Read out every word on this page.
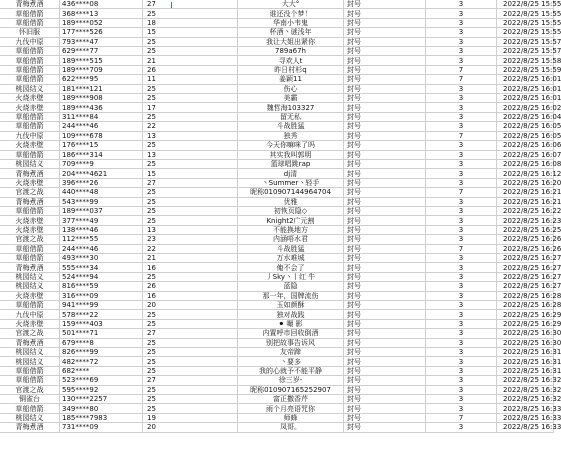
青梅煮酒	436****08	27	大大°	封号	3	2022/8/25 15:55
草船借箭	368****13	25	谁还没个梦！	封号	3	2022/8/25 15:55
草船借箭	189****052	18	华南小韦鬼	封号	3	2022/8/25 15:55
怀旧服	177****526	15	杯酒丶谜浅年	封号	3	2022/8/25 15:55
九伐中原	793****47	25	我让大姐出紧你	封号	3	2022/8/25 15:57
草船借箭	629****77	25	789a67h	封号	3	2022/8/25 15:57
草船借箭	189****515	21	寻欢人t	封号	3	2022/8/25 15:58
草船借箭	189****709	26	昨日村杉q	封号	7	2022/8/25 15:59
草船借箭	622****95	11	姜颖11	封号	7	2022/8/25 16:01
桃园结义	181****121	25	伤心	封号	3	2022/8/25 16:01
火烧赤壁	189****908	25	美霸	封号	3	2022/8/25 16:01
火烧赤壁	189****436	17	魏哲海103327	封号	3	2022/8/25 16:02
草船借箭	311****84	25	留无私	封号	3	2022/8/25 16:04
草船借箭	244****46	22	斗战胜猛	封号	3	2022/8/25 16:05
九伐中原	109****678	13	独秀	封号	7	2022/8/25 16:05
火烧赤壁	176****15	25	今天你嘛咪了吗	封号	3	2022/8/25 16:06
草船借箭	186****314	13	其实我叫郭明	封号	3	2022/8/25 16:07
桃园结义	709****9	25	篮球唱跳rap	封号	3	2022/8/25 16:08
青梅煮酒	204****4621	15	dj清	封号	3	2022/8/25 16:12
火烧赤壁	396****26	27	丶Summer丶轻手	封号	3	2022/8/25 16:20
官渡之战	440****48	25	昵称010907144964704	封号	7	2022/8/25 16:21
青梅煮酒	543****99	25	优雅	封号	3	2022/8/25 16:21
草船借箭	189****037	25	初恢页隐◇	封号	3	2022/8/25 16:22
火烧赤壁	377****49	25	Knight2广元割	封号	3	2022/8/25 16:23
火烧赤壁	138****46	13	不能换地方	封号	3	2022/8/25 16:25
官渡之战	112****55	23	内涵唔水君	封号	3	2022/8/25 16:26
草船借箭	244****46	22	斗战胜猛	封号	7	2022/8/25 16:26
草船借箭	493****30	21	万水难城	封号	3	2022/8/25 16:27
青梅煮酒	555****34	16	俺不会了	封号	3	2022/8/25 16:27
桃园结义	524****94	25	丿Sky丶丨红 牛	封号	3	2022/8/25 16:27
桃园结义	816****59	26	蓝隐	封号	3	2022/8/25 16:27
火烧赤壁	316****09	16	那一年，国牌流伤	封号	3	2022/8/25 16:28
草船借箭	941****99	20	玉如颜酥	封号	3	2022/8/25 16:28
九伐中原	578****22	25	独对战践	封号	3	2022/8/25 16:29
火烧赤壁	159****403	25	⚫ 嘬 影	封号	3	2022/8/25 16:29
官渡之战	501****71	27	内置呼市回收倒酒	封号	3	2022/8/25 16:30
青梅煮酒	679****8	25	别把故事告诉风	封号	3	2022/8/25 16:30
桃园结义	826****99	25	友帝蹄	封号	3	2022/8/25 16:31
桃园结义	482****72	25	丶要多	封号	3	2022/8/25 16:31
草船借箭	682****	25	我的心就予不能平静	封号	3	2022/8/25 16:31
草船借箭	523****69	27	徐三岁-	封号	3	2022/8/25 16:32
官渡之战	595****92	25	昵称010907165252907	封号	3	2022/8/25 16:32
铜雀台	130****2257	25	富正撒香芹	封号	3	2022/8/25 16:32
草船借箭	349****80	25	雨个月亮语咒你	封号	3	2022/8/25 16:33
桃园结义	185****7983	19	师蜂	封号	7	2022/8/25 16:33
青梅煮酒	731****09	20	凤哥。	封号	3	2022/8/25 16:33
